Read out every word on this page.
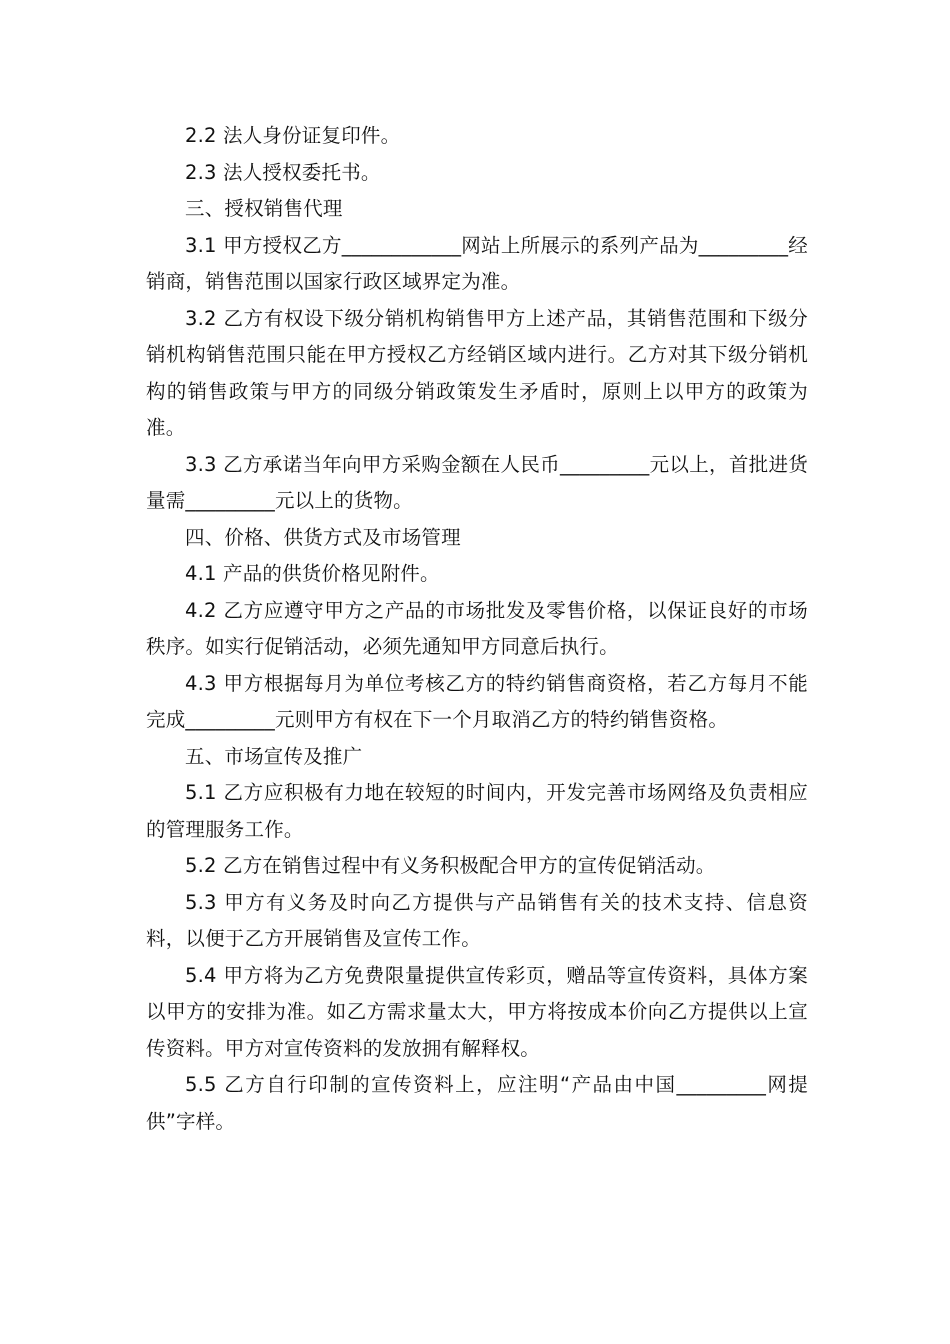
2.2 法人身份证复印件。

2.3 法人授权委托书。

三、授权销售代理

3.1 甲方授权乙方____________网站上所展示的系列产品为_________经销商，销售范围以国家行政区域界定为准。

3.2 乙方有权设下级分销机构销售甲方上述产品，其销售范围和下级分销机构销售范围只能在甲方授权乙方经销区域内进行。乙方对其下级分销机构的销售政策与甲方的同级分销政策发生矛盾时，原则上以甲方的政策为准。

3.3 乙方承诺当年向甲方采购金额在人民币_________元以上，首批进货量需_________元以上的货物。

四、价格、供货方式及市场管理

4.1 产品的供货价格见附件。

4.2 乙方应遵守甲方之产品的市场批发及零售价格，以保证良好的市场秩序。如实行促销活动，必须先通知甲方同意后执行。

4.3 甲方根据每月为单位考核乙方的特约销售商资格，若乙方每月不能完成_________元则甲方有权在下一个月取消乙方的特约销售资格。

五、市场宣传及推广

5.1 乙方应积极有力地在较短的时间内，开发完善市场网络及负责相应的管理服务工作。

5.2 乙方在销售过程中有义务积极配合甲方的宣传促销活动。

5.3 甲方有义务及时向乙方提供与产品销售有关的技术支持、信息资料，以便于乙方开展销售及宣传工作。

5.4 甲方将为乙方免费限量提供宣传彩页，赠品等宣传资料，具体方案以甲方的安排为准。如乙方需求量太大，甲方将按成本价向乙方提供以上宣传资料。甲方对宣传资料的发放拥有解释权。

5.5 乙方自行印制的宣传资料上，应注明“产品由中国_________网提供”字样。
